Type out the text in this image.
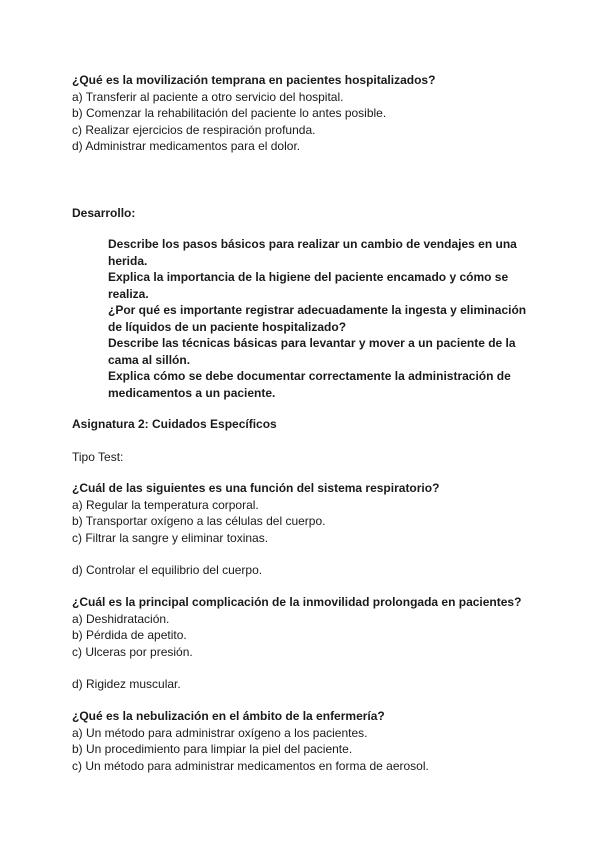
¿Qué es la movilización temprana en pacientes hospitalizados?

a) Transferir al paciente a otro servicio del hospital.

b) Comenzar la rehabilitación del paciente lo antes posible.

c) Realizar ejercicios de respiración profunda.

d) Administrar medicamentos para el dolor.

Desarrollo:

Describe los pasos básicos para realizar un cambio de vendajes en una herida.

Explica la importancia de la higiene del paciente encamado y cómo se realiza.

¿Por qué es importante registrar adecuadamente la ingesta y eliminación de líquidos de un paciente hospitalizado?

Describe las técnicas básicas para levantar y mover a un paciente de la cama al sillón.

Explica cómo se debe documentar correctamente la administración de medicamentos a un paciente.

Asignatura 2: Cuidados Específicos

Tipo Test:

¿Cuál de las siguientes es una función del sistema respiratorio?

a) Regular la temperatura corporal.

b) Transportar oxígeno a las células del cuerpo.

c) Filtrar la sangre y eliminar toxinas.

d) Controlar el equilibrio del cuerpo.

¿Cuál es la principal complicación de la inmovilidad prolongada en pacientes?

a) Deshidratación.

b) Pérdida de apetito.

c) Ulceras por presión.

d) Rigidez muscular.

¿Qué es la nebulización en el ámbito de la enfermería?

a) Un método para administrar oxígeno a los pacientes.

b) Un procedimiento para limpiar la piel del paciente.

c) Un método para administrar medicamentos en forma de aerosol.
